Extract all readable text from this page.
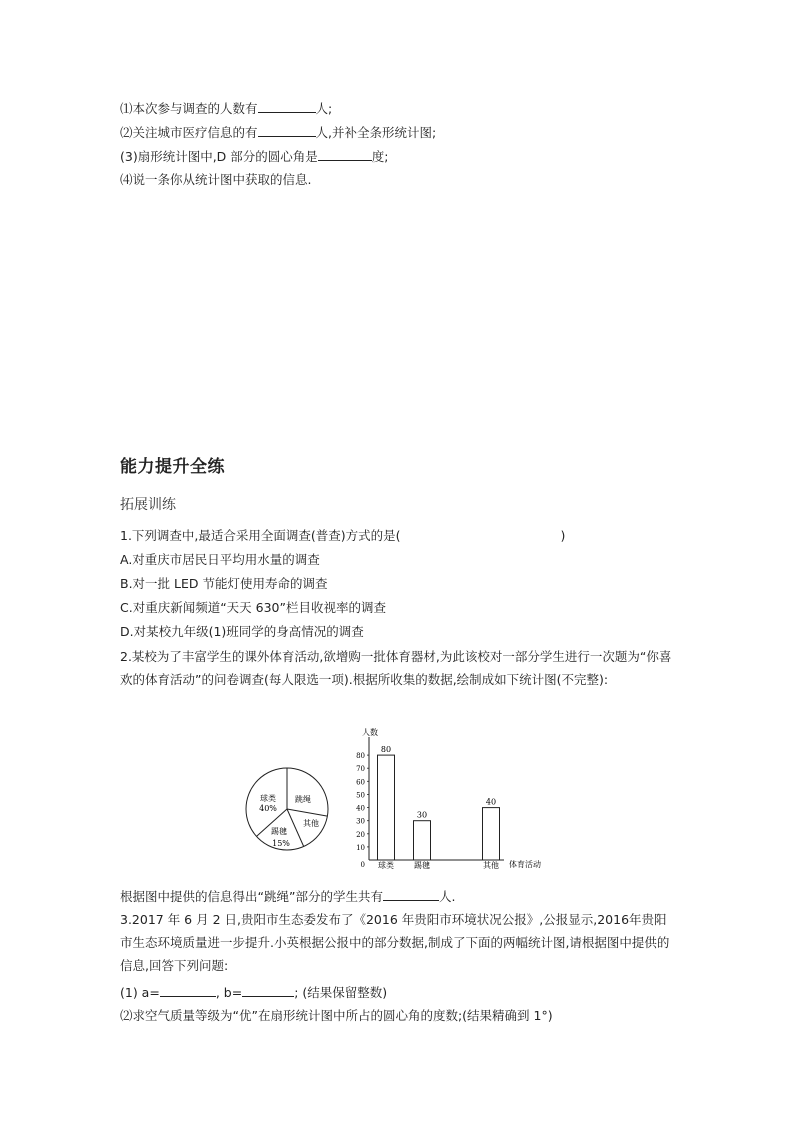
⑴本次参与调查的人数有	人;
⑵关注城市医疗信息的有	人,并补全条形统计图;
(3)扇形统计图中,D 部分的圆心角是	度;
⑷说一条你从统计图中获取的信息.
能力提升全练
拓展训练
1.下列调查中,最适合采用全面调查(普查)方式的是(	)
A.对重庆市居民日平均用水量的调查
B.对一批 LED 节能灯使用寿命的调查
C.对重庆新闻频道“天天 630”栏目收视率的调查
D.对某校九年级(1)班同学的身高情况的调查
2.某校为了丰富学生的课外体育活动,欲增购一批体育器材,为此该校对一部分学生进行一次题为“你喜欢的体育活动”的问卷调查(每人限选一项).根据所收集的数据,绘制成如下统计图(不完整):
球类
40%
跳绳
其他
踢毽
15%
人数
体育活动
0
10
20
30
40
50
60
70
80
80
30
40
球类	踢毽	其他
根据图中提供的信息得出“跳绳”部分的学生共有	人.
3.2017 年 6 月 2 日,贵阳市生态委发布了《2016 年贵阳市环境状况公报》,公报显示,2016年贵阳市生态环境质量进一步提升.小英根据公报中的部分数据,制成了下面的两幅统计图,请根据图中提供的信息,回答下列问题:
(1) a=	, b=	; (结果保留整数)
⑵求空气质量等级为“优”在扇形统计图中所占的圆心角的度数;(结果精确到 1°)
